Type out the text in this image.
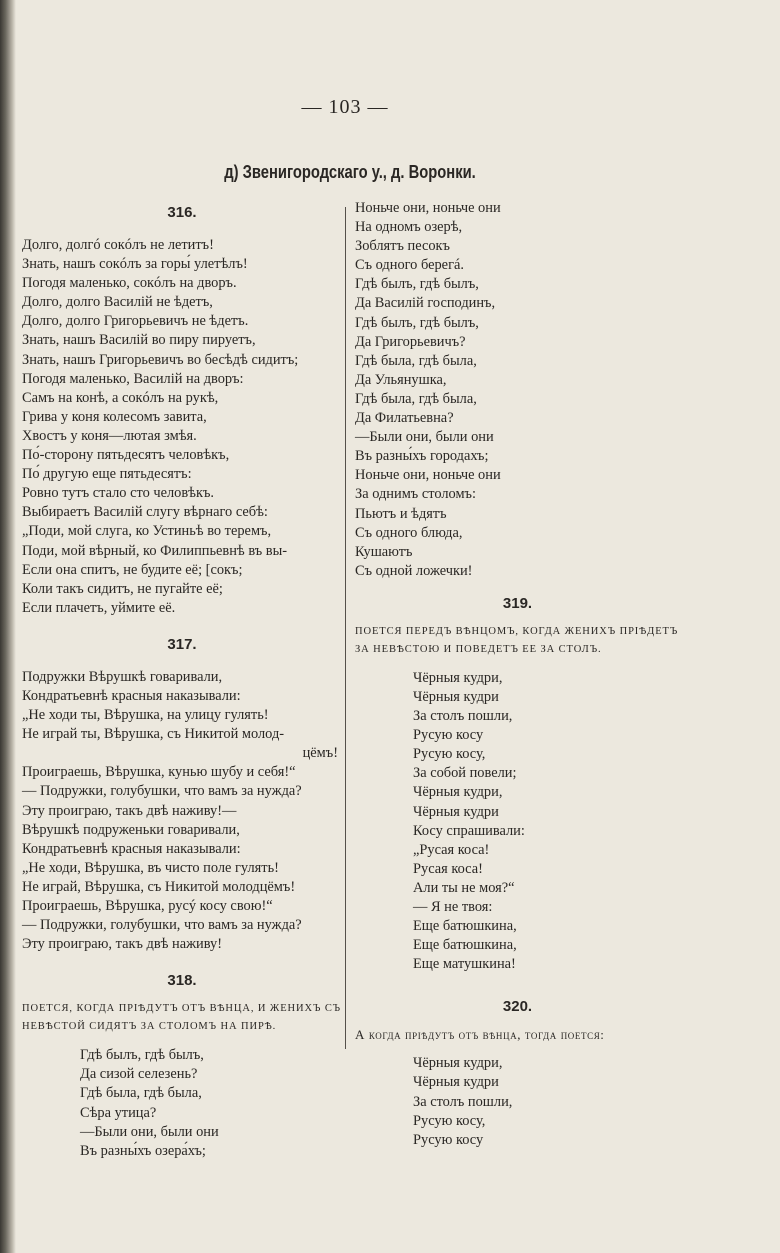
— 103 —
д) Звенигородскаго у., д. Воронки.
316.
Долго, долгó сокóлъ не летитъ!
Знать, нашъ сокóлъ за горы́ улетѣлъ!
Погодя маленько, сокóлъ на дворъ.
Долго, долго Василій не ѣдетъ,
Долго, долго Григорьевичъ не ѣдетъ.
Знать, нашъ Василій во пиру пируетъ,
Знать, нашъ Григорьевичъ во бесѣдѣ сидитъ;
Погодя маленько, Василій на дворъ:
Самъ на конѣ, а сокóлъ на рукѣ,
Грива у коня колесомъ завита,
Хвостъ у коня—лютая змѣя.
По́-сторону пятьдесятъ человѣкъ,
По́ другую еще пятьдесятъ:
Ровно тутъ стало сто человѣкъ.
Выбираетъ Василій слугу вѣрнаго себѣ:
„Поди, мой слуга, ко Устиньѣ во теремъ,
Поди, мой вѣрный, ко Филиппьевнѣ въ вы-
Если она спитъ, не будите её; [сокъ;
Коли такъ сидитъ, не пугайте её;
Если плачетъ, уймите её.
317.
Подружки Вѣрушкѣ говаривали,
Кондратьевнѣ красныя наказывали:
„Не ходи ты, Вѣрушка, на улицу гулять!
Не играй ты, Вѣрушка, съ Никитой молод-
цёмъ!
Проиграешь, Вѣрушка, кунью шубу и себя!“
— Подружки, голубушки, что вамъ за нужда?
Эту проиграю, такъ двѣ наживу!—
Вѣрушкѣ подруженьки говаривали,
Кондратьевнѣ красныя наказывали:
„Не ходи, Вѣрушка, въ чисто поле гулять!
Не играй, Вѣрушка, съ Никитой молодцёмъ!
Проиграешь, Вѣрушка, русý косу свою!“
— Подружки, голубушки, что вамъ за нужда?
Эту проиграю, такъ двѣ наживу!
318.
ПОЕТСЯ, КОГДА ПРІѢДУТЪ ОТЪ ВѢНЦА, И ЖЕНИХЪ СЪ НЕВѢСТОЙ СИДЯТЪ ЗА СТОЛОМЪ НА ПИРѢ.
Гдѣ былъ, гдѣ былъ,
Да сизой селезень?
Гдѣ была, гдѣ была,
Сѣра утица?
—Были они, были они
Въ разны́хъ озера́хъ;
Ноньче они, ноньче они
На одномъ озерѣ,
Зоблятъ песокъ
Съ одного берегá.
Гдѣ былъ, гдѣ былъ,
Да Василій господинъ,
Гдѣ былъ, гдѣ былъ,
Да Григорьевичъ?
Гдѣ была, гдѣ была,
Да Ульянушка,
Гдѣ была, гдѣ была,
Да Филатьевна?
—Были они, были они
Въ разны́хъ городахъ;
Ноньче они, ноньче они
За однимъ столомъ:
Пьютъ и ѣдятъ
Съ одного блюда,
Кушаютъ
Съ одной ложечки!
319.
ПОЕТСЯ ПЕРЕДЪ ВѢНЦОМЪ, КОГДА ЖЕНИХЪ ПРІѢДЕТЪ ЗА НЕВѢСТОЮ И ПОВЕДЕТЪ ЕЕ ЗА СТОЛЪ.
Чёрныя кудри,
Чёрныя кудри
За столъ пошли,
Русую косу
Русую косу,
За собой повели;
Чёрныя кудри,
Чёрныя кудри
Косу спрашивали:
„Русая коса!
Русая коса!
Али ты не моя?“
— Я не твоя:
Еще батюшкина,
Еще батюшкина,
Еще матушкина!
320.
А когда пріѣдутъ отъ вѣнца, тогда поется:
Чёрныя кудри,
Чёрныя кудри
За столъ пошли,
Русую косу,
Русую косу
